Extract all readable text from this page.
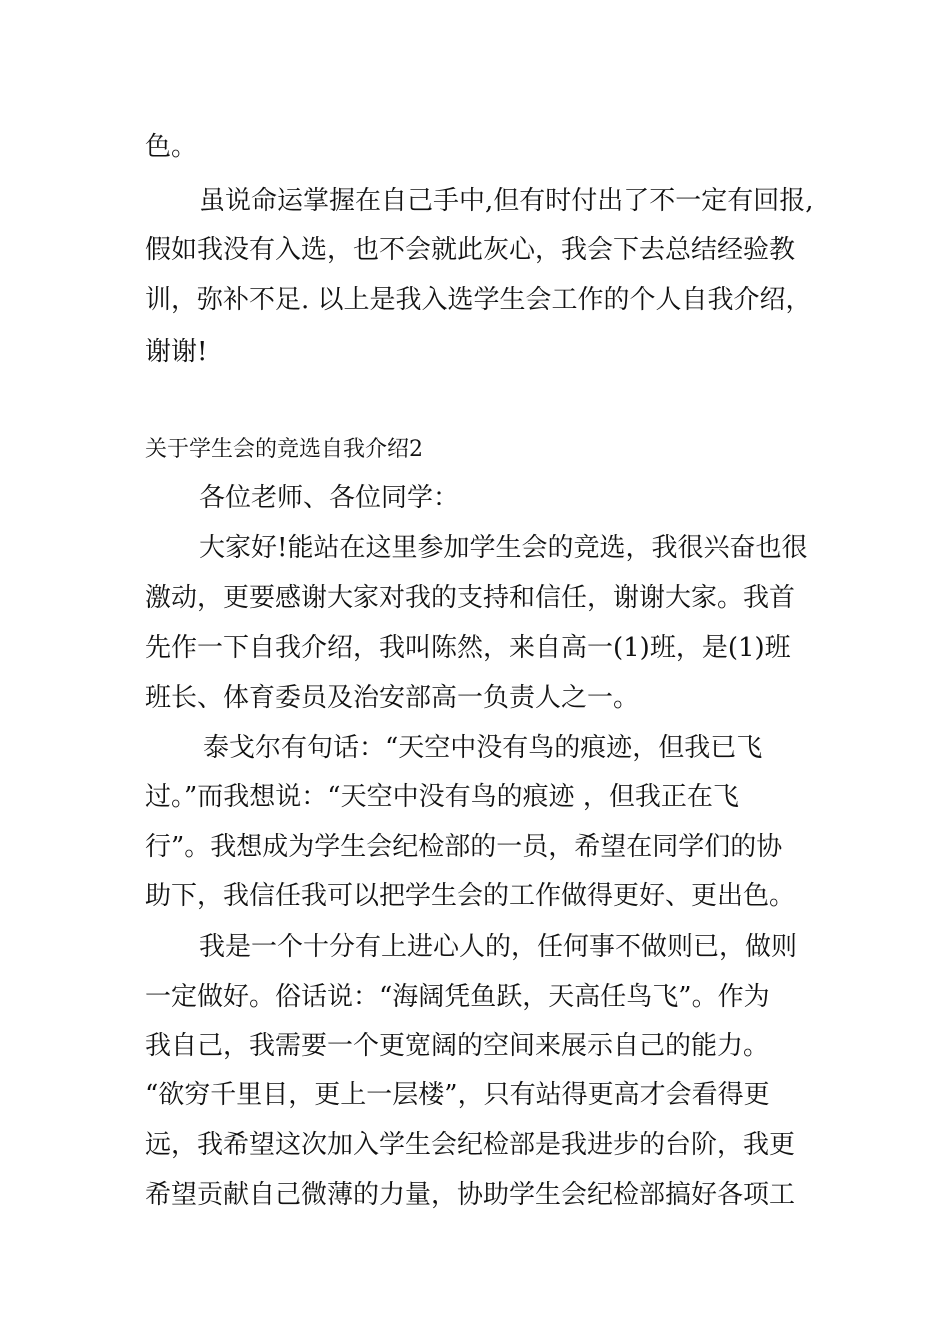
色。

虽说命运掌握在自己手中,但有时付出了不一定有回报,

假如我没有入选，也不会就此灰心，我会下去总结经验教

训，弥补不足. 以上是我入选学生会工作的个人自我介绍，

谢谢!

关于学生会的竞选自我介绍2

各位老师、各位同学：

大家好!能站在这里参加学生会的竞选，我很兴奋也很

激动，更要感谢大家对我的支持和信任，谢谢大家。我首

先作一下自我介绍，我叫陈然，来自高一(1)班，是(1)班

班长、体育委员及治安部高一负责人之一。

泰戈尔有句话：“天空中没有鸟的痕迹，但我已飞

过。”而我想说：“天空中没有鸟的痕迹 ，但我正在飞

行”。我想成为学生会纪检部的一员，希望在同学们的协

助下，我信任我可以把学生会的工作做得更好、更出色。

我是一个十分有上进心人的，任何事不做则已，做则

一定做好。俗话说：“海阔凭鱼跃，天高任鸟飞”。作为

我自己，我需要一个更宽阔的空间来展示自己的能力。

“欲穷千里目，更上一层楼”，只有站得更高才会看得更

远，我希望这次加入学生会纪检部是我进步的台阶，我更

希望贡献自己微薄的力量，协助学生会纪检部搞好各项工
